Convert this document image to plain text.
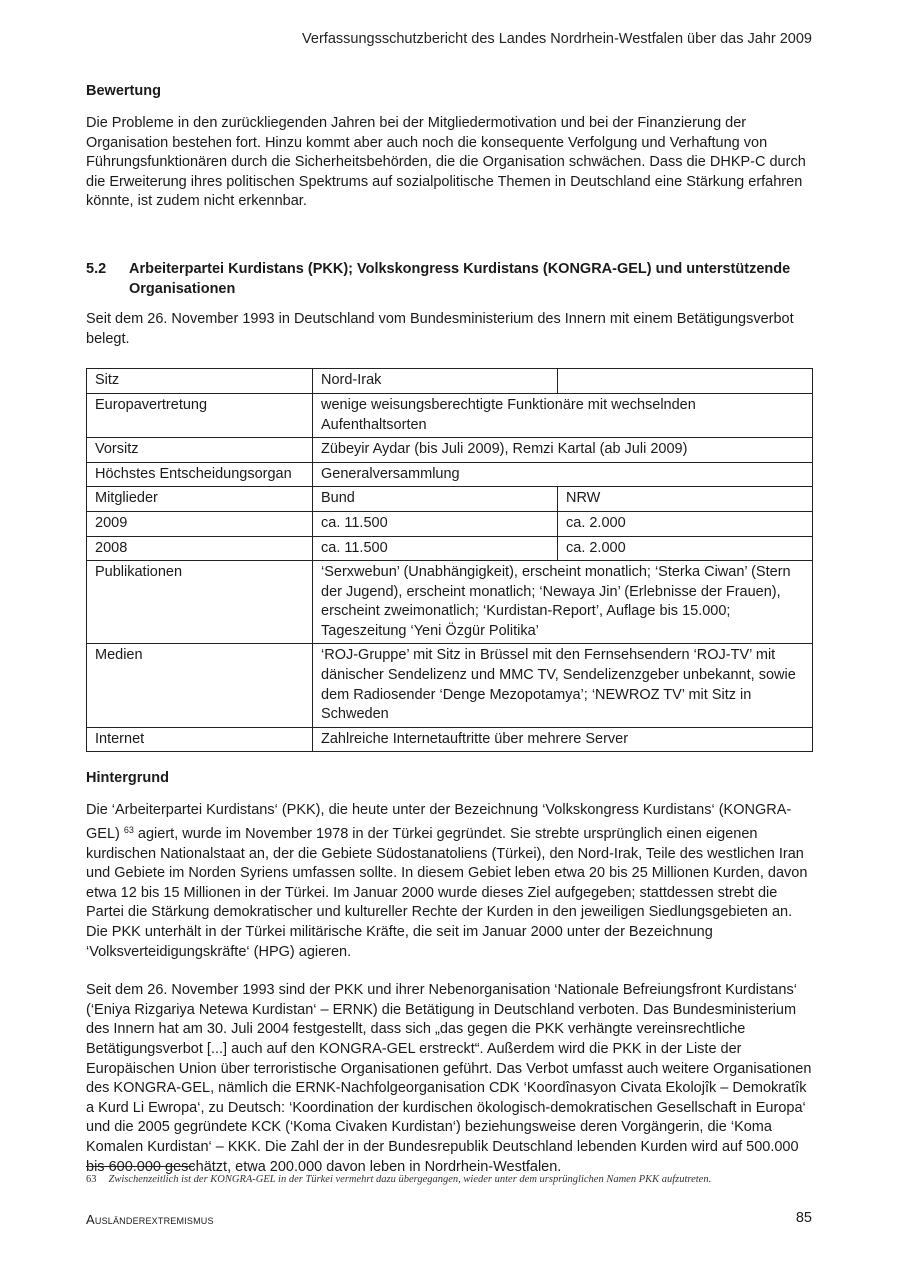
Verfassungsschutzbericht des Landes Nordrhein-Westfalen über das Jahr 2009
Bewertung

Die Probleme in den zurückliegenden Jahren bei der Mitgliedermotivation und bei der Finanzierung der Organisation bestehen fort. Hinzu kommt aber auch noch die konsequente Verfolgung und Verhaftung von Führungsfunktionären durch die Sicherheitsbehörden, die die Organisation schwächen. Dass die DHKP-C durch die Erweiterung ihres politischen Spektrums auf sozialpolitische Themen in Deutschland eine Stärkung erfahren könnte, ist zudem nicht erkennbar.

5.2	Arbeiterpartei Kurdistans (PKK); Volkskongress Kurdistans (KONGRA-GEL) und unterstützende Organisationen

Seit dem 26. November 1993 in Deutschland vom Bundesministerium des Innern mit einem Betätigungsverbot belegt.

Sitz	Nord-Irak	
Europavertretung	wenige weisungsberechtigte Funktionäre mit wechselnden Aufenthaltsorten	
Vorsitz	Zübeyir Aydar (bis Juli 2009), Remzi Kartal (ab Juli 2009)	
Höchstes Entscheidungsorgan	Generalversammlung	
Mitglieder	Bund	NRW
2009	ca. 11.500	ca. 2.000
2008	ca. 11.500	ca. 2.000
Publikationen	‘Serxwebun’ (Unabhängigkeit), erscheint monatlich; ‘Sterka Ciwan’ (Stern der Jugend), erscheint monatlich; ‘Newaya Jin’ (Erlebnisse der Frauen), erscheint zweimonatlich; ‘Kurdistan-Report’, Auflage bis 15.000; Tageszeitung ‘Yeni Özgür Politika’	
Medien	‘ROJ-Gruppe’ mit Sitz in Brüssel mit den Fernsehsendern ‘ROJ-TV’ mit dänischer Sendelizenz und MMC TV, Sendelizenzgeber unbekannt, sowie dem Radiosender ‘Denge Mezopotamya’; ‘NEWROZ TV’ mit Sitz in Schweden	
Internet	Zahlreiche Internetauftritte über mehrere Server	
Hintergrund

Die ‘Arbeiterpartei Kurdistans‘ (PKK), die heute unter der Bezeichnung ‘Volkskongress Kurdistans‘ (KONGRA-GEL) $^{63}$ agiert, wurde im November 1978 in der Türkei gegründet. Sie strebte ursprünglich einen eigenen kurdischen Nationalstaat an, der die Gebiete Südostanatoliens (Türkei), den Nord-Irak, Teile des westlichen Iran und Gebiete im Norden Syriens umfassen sollte. In diesem Gebiet leben etwa 20 bis 25 Millionen Kurden, davon etwa 12 bis 15 Millionen in der Türkei. Im Januar 2000 wurde dieses Ziel aufgegeben; stattdessen strebt die Partei die Stärkung demokratischer und kultureller Rechte der Kurden in den jeweiligen Siedlungsgebieten an. Die PKK unterhält in der Türkei militärische Kräfte, die seit im Januar 2000 unter der Bezeichnung ‘Volksverteidigungskräfte‘ (HPG) agieren.

Seit dem 26. November 1993 sind der PKK und ihrer Nebenorganisation ‘Nationale Befreiungsfront Kurdistans‘ (‘Eniya Rizgariya Netewa Kurdistan‘ – ERNK) die Betätigung in Deutschland verboten. Das Bundesministerium des Innern hat am 30. Juli 2004 festgestellt, dass sich „das gegen die PKK verhängte vereinsrechtliche Betätigungsverbot [...] auch auf den KONGRA-GEL erstreckt“. Außerdem wird die PKK in der Liste der Europäischen Union über terroristische Organisationen geführt. Das Verbot umfasst auch weitere Organisationen des KONGRA-GEL, nämlich die ERNK-Nachfolgeorganisation CDK ‘Koordînasyon Civata Ekolojîk – Demokratîk a Kurd Li Ewropa‘, zu Deutsch: ‘Koordination der kurdischen ökologisch-demokratischen Gesellschaft in Europa‘ und die 2005 gegründete KCK (‘Koma Civaken Kurdistan‘) beziehungsweise deren Vorgängerin, die ‘Koma Komalen Kurdistan‘ – KKK. Die Zahl der in der Bundesrepublik Deutschland lebenden Kurden wird auf 500.000 bis 600.000 geschätzt, etwa 200.000 davon leben in Nordrhein-Westfalen.

63 Zwischenzeitlich ist der KONGRA-GEL in der Türkei vermehrt dazu übergegangen, wieder unter dem ursprünglichen Namen PKK aufzutreten.
Ausländerextremismus	85
